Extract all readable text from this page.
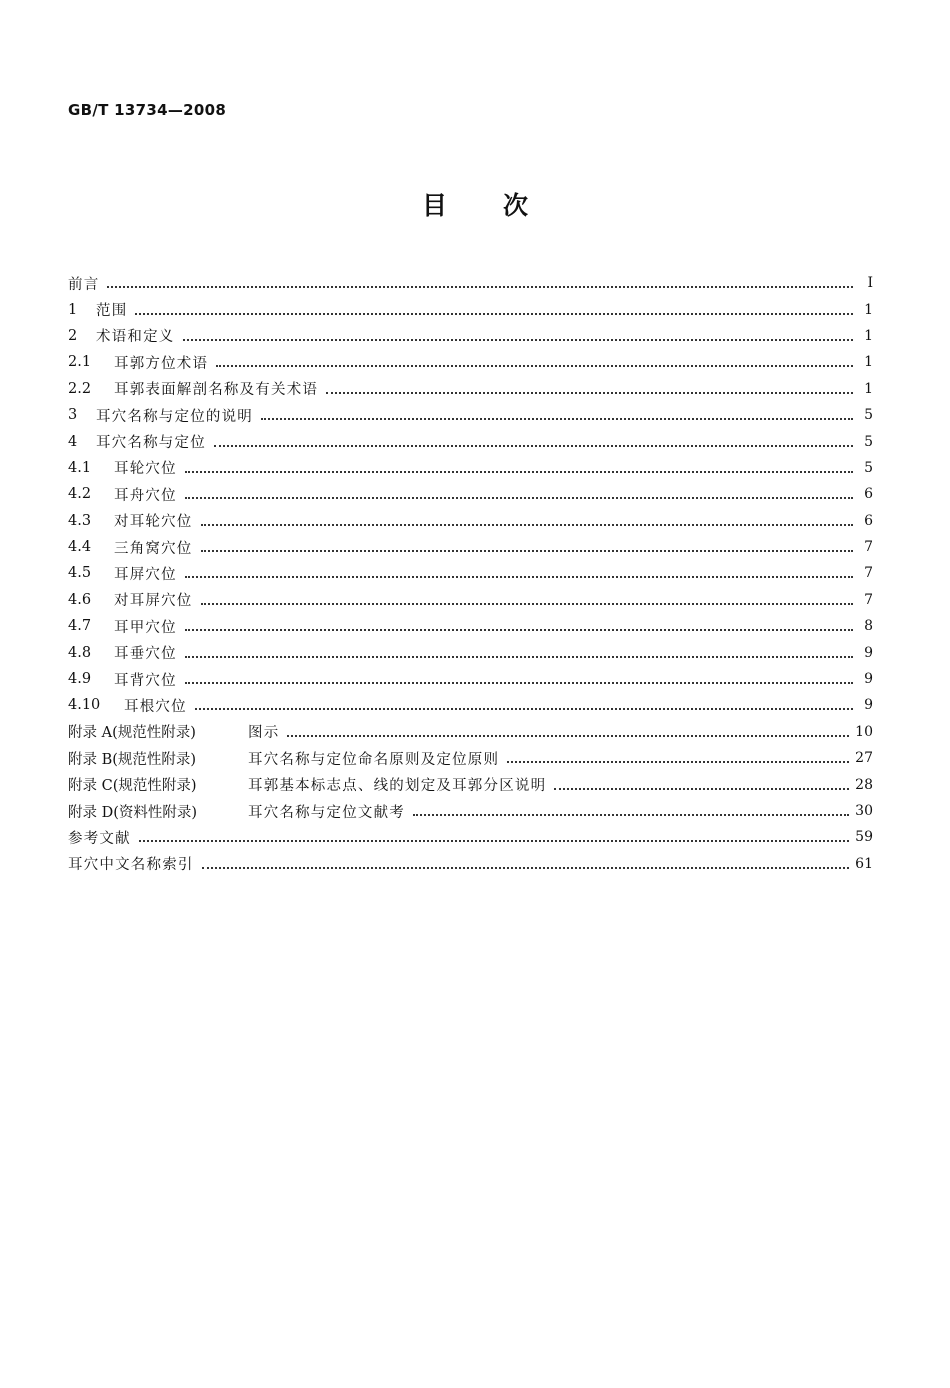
GB/T 13734—2008
目次
前言	I
1	范围	1
2	术语和定义	1
2.1	耳郭方位术语	1
2.2	耳郭表面解剖名称及有关术语	1
3	耳穴名称与定位的说明	5
4	耳穴名称与定位	5
4.1	耳轮穴位	5
4.2	耳舟穴位	6
4.3	对耳轮穴位	6
4.4	三角窝穴位	7
4.5	耳屏穴位	7
4.6	对耳屏穴位	7
4.7	耳甲穴位	8
4.8	耳垂穴位	9
4.9	耳背穴位	9
4.10	耳根穴位	9
附录 A(规范性附录)	图示	10
附录 B(规范性附录)	耳穴名称与定位命名原则及定位原则	27
附录 C(规范性附录)	耳郭基本标志点、线的划定及耳郭分区说明	28
附录 D(资料性附录)	耳穴名称与定位文献考	30
参考文献	59
耳穴中文名称索引	61
